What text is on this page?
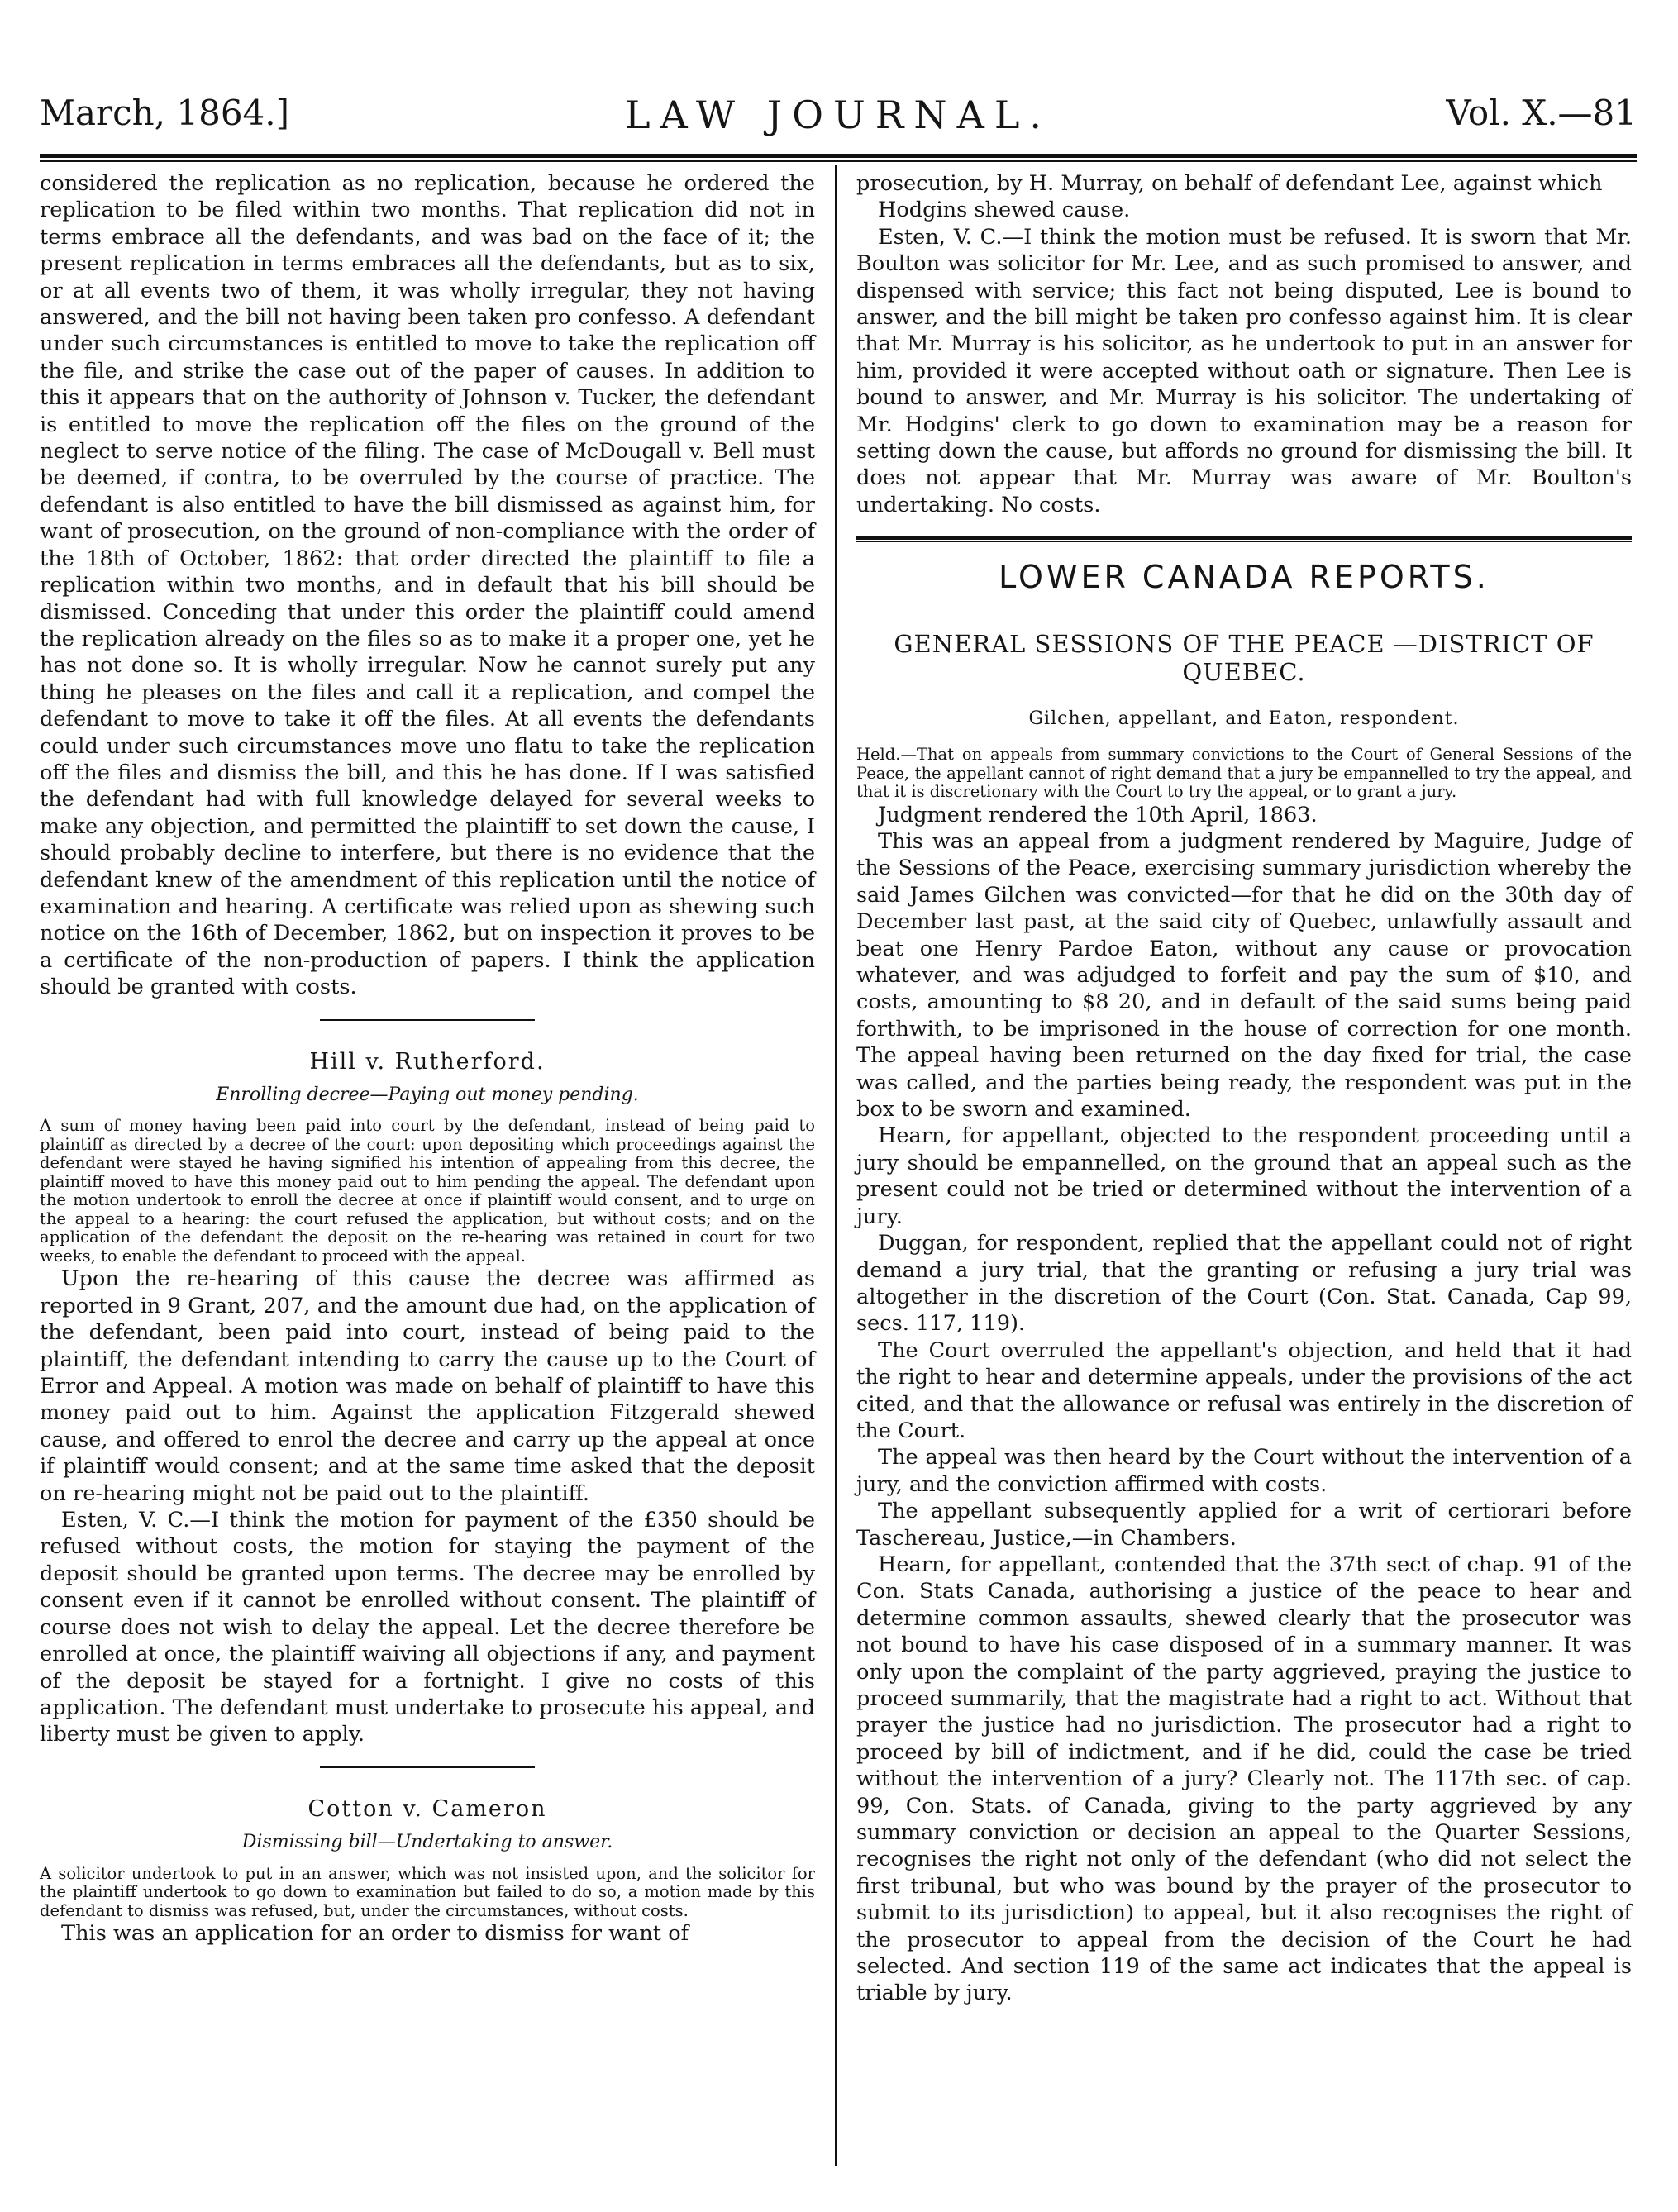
March, 1864.]	LAW JOURNAL.	Vol. X.—81

considered the replication as no replication, because he ordered the replication to be filed within two months. That replication did not in terms embrace all the defendants, and was bad on the face of it; the present replication in terms embraces all the defendants, but as to six, or at all events two of them, it was wholly irregular, they not having answered, and the bill not having been taken pro confesso. A defendant under such circumstances is entitled to move to take the replication off the file, and strike the case out of the paper of causes. In addition to this it appears that on the authority of Johnson v. Tucker, the defendant is entitled to move the replication off the files on the ground of the neglect to serve notice of the filing. The case of McDougall v. Bell must be deemed, if contra, to be overruled by the course of practice. The defendant is also entitled to have the bill dismissed as against him, for want of prosecution, on the ground of non-compliance with the order of the 18th of October, 1862: that order directed the plaintiff to file a replication within two months, and in default that his bill should be dismissed. Conceding that under this order the plaintiff could amend the replication already on the files so as to make it a proper one, yet he has not done so. It is wholly irregular. Now he cannot surely put any thing he pleases on the files and call it a replication, and compel the defendant to move to take it off the files. At all events the defendants could under such circumstances move uno flatu to take the replication off the files and dismiss the bill, and this he has done. If I was satisfied the defendant had with full knowledge delayed for several weeks to make any objection, and permitted the plaintiff to set down the cause, I should probably decline to interfere, but there is no evidence that the defendant knew of the amendment of this replication until the notice of examination and hearing. A certificate was relied upon as shewing such notice on the 16th of December, 1862, but on inspection it proves to be a certificate of the non-production of papers. I think the application should be granted with costs.

Hill v. Rutherford.
Enrolling decree—Paying out money pending.

A sum of money having been paid into court by the defendant, instead of being paid to plaintiff as directed by a decree of the court: upon depositing which proceedings against the defendant were stayed he having signified his intention of appealing from this decree, the plaintiff moved to have this money paid out to him pending the appeal. The defendant upon the motion undertook to enroll the decree at once if plaintiff would consent, and to urge on the appeal to a hearing: the court refused the application, but without costs; and on the application of the defendant the deposit on the re-hearing was retained in court for two weeks, to enable the defendant to proceed with the appeal.

Upon the re-hearing of this cause the decree was affirmed as reported in 9 Grant, 207, and the amount due had, on the application of the defendant, been paid into court, instead of being paid to the plaintiff, the defendant intending to carry the cause up to the Court of Error and Appeal. A motion was made on behalf of plaintiff to have this money paid out to him. Against the application Fitzgerald shewed cause, and offered to enrol the decree and carry up the appeal at once if plaintiff would consent; and at the same time asked that the deposit on re-hearing might not be paid out to the plaintiff.

Esten, V. C.—I think the motion for payment of the £350 should be refused without costs, the motion for staying the payment of the deposit should be granted upon terms. The decree may be enrolled by consent even if it cannot be enrolled without consent. The plaintiff of course does not wish to delay the appeal. Let the decree therefore be enrolled at once, the plaintiff waiving all objections if any, and payment of the deposit be stayed for a fortnight. I give no costs of this application. The defendant must undertake to prosecute his appeal, and liberty must be given to apply.

Cotton v. Cameron
Dismissing bill—Undertaking to answer.

A solicitor undertook to put in an answer, which was not insisted upon, and the solicitor for the plaintiff undertook to go down to examination but failed to do so, a motion made by this defendant to dismiss was refused, but, under the circumstances, without costs.

This was an application for an order to dismiss for want of

prosecution, by H. Murray, on behalf of defendant Lee, against which

Hodgins shewed cause.

Esten, V. C.—I think the motion must be refused. It is sworn that Mr. Boulton was solicitor for Mr. Lee, and as such promised to answer, and dispensed with service; this fact not being disputed, Lee is bound to answer, and the bill might be taken pro confesso against him. It is clear that Mr. Murray is his solicitor, as he undertook to put in an answer for him, provided it were accepted without oath or signature. Then Lee is bound to answer, and Mr. Murray is his solicitor. The undertaking of Mr. Hodgins' clerk to go down to examination may be a reason for setting down the cause, but affords no ground for dismissing the bill. It does not appear that Mr. Murray was aware of Mr. Boulton's undertaking. No costs.

LOWER CANADA REPORTS.
GENERAL SESSIONS OF THE PEACE —DISTRICT OF QUEBEC.
Gilchen, appellant, and Eaton, respondent.

Held.—That on appeals from summary convictions to the Court of General Sessions of the Peace, the appellant cannot of right demand that a jury be empannelled to try the appeal, and that it is discretionary with the Court to try the appeal, or to grant a jury.

Judgment rendered the 10th April, 1863.

This was an appeal from a judgment rendered by Maguire, Judge of the Sessions of the Peace, exercising summary jurisdiction whereby the said James Gilchen was convicted—for that he did on the 30th day of December last past, at the said city of Quebec, unlawfully assault and beat one Henry Pardoe Eaton, without any cause or provocation whatever, and was adjudged to forfeit and pay the sum of $10, and costs, amounting to $8 20, and in default of the said sums being paid forthwith, to be imprisoned in the house of correction for one month. The appeal having been returned on the day fixed for trial, the case was called, and the parties being ready, the respondent was put in the box to be sworn and examined.

Hearn, for appellant, objected to the respondent proceeding until a jury should be empannelled, on the ground that an appeal such as the present could not be tried or determined without the intervention of a jury.

Duggan, for respondent, replied that the appellant could not of right demand a jury trial, that the granting or refusing a jury trial was altogether in the discretion of the Court (Con. Stat. Canada, Cap 99, secs. 117, 119).

The Court overruled the appellant's objection, and held that it had the right to hear and determine appeals, under the provisions of the act cited, and that the allowance or refusal was entirely in the discretion of the Court.

The appeal was then heard by the Court without the intervention of a jury, and the conviction affirmed with costs.

The appellant subsequently applied for a writ of certiorari before Taschereau, Justice,—in Chambers.

Hearn, for appellant, contended that the 37th sect of chap. 91 of the Con. Stats Canada, authorising a justice of the peace to hear and determine common assaults, shewed clearly that the prosecutor was not bound to have his case disposed of in a summary manner. It was only upon the complaint of the party aggrieved, praying the justice to proceed summarily, that the magistrate had a right to act. Without that prayer the justice had no jurisdiction. The prosecutor had a right to proceed by bill of indictment, and if he did, could the case be tried without the intervention of a jury? Clearly not. The 117th sec. of cap. 99, Con. Stats. of Canada, giving to the party aggrieved by any summary conviction or decision an appeal to the Quarter Sessions, recognises the right not only of the defendant (who did not select the first tribunal, but who was bound by the prayer of the prosecutor to submit to its jurisdiction) to appeal, but it also recognises the right of the prosecutor to appeal from the decision of the Court he had selected. And section 119 of the same act indicates that the appeal is triable by jury.
